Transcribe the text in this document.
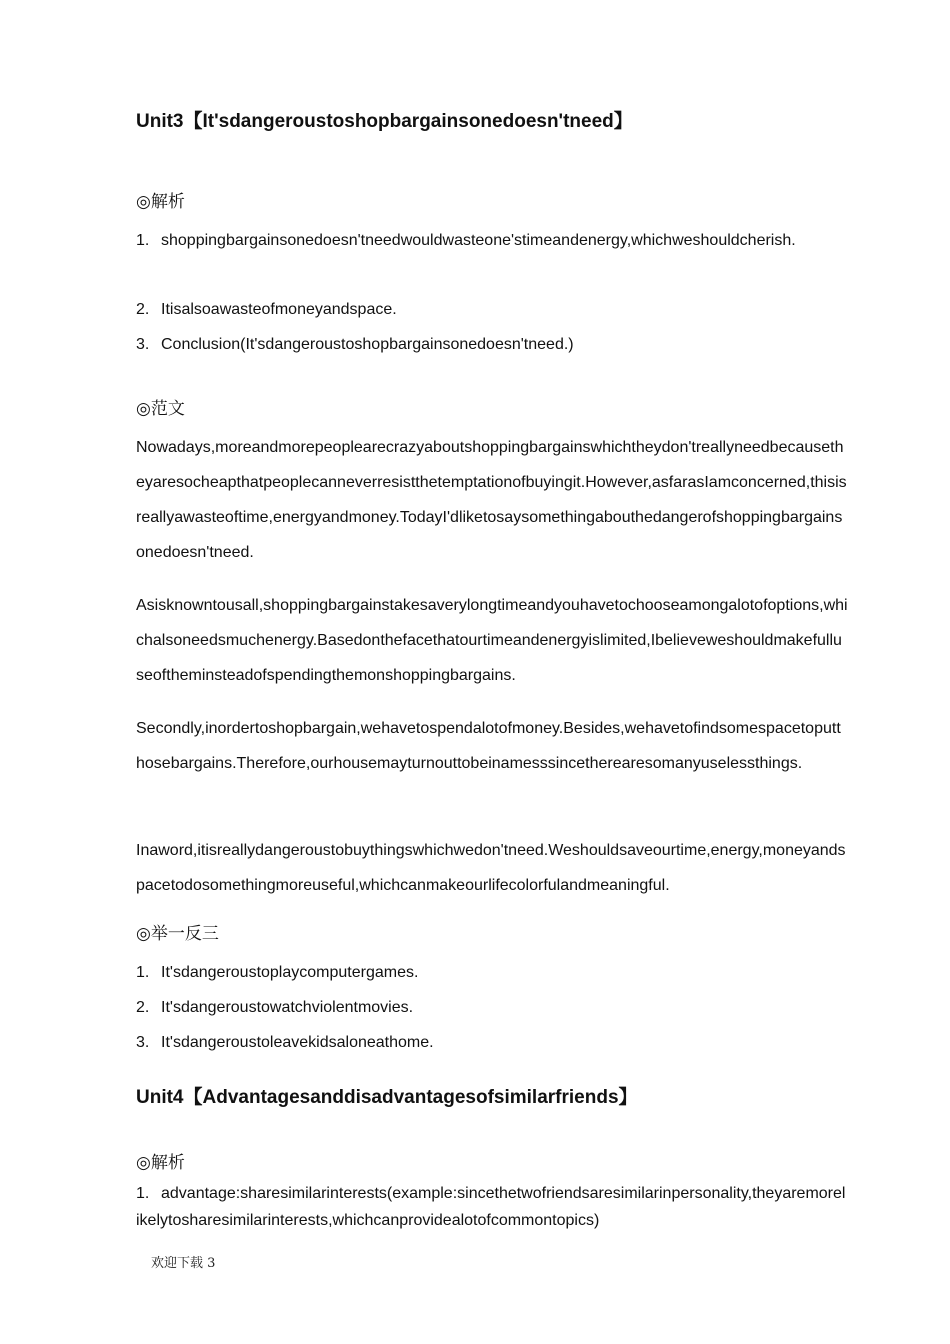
Unit3【It'sdangeroustoshopbargainsonedoesn'tneed】
◎解析
1. shoppingbargainsonedoesn'tneedwouldwasteone'stimeandenergy,whichweshouldcherish.
2. Itisalsoawasteofmoneyandspace.
3. Conclusion(It'sdangeroustoshopbargainsonedoesn'tneed.)
◎范文
Nowadays,moreandmorepeoplearecrazyaboutshoppingbargainswhichtheydon'treallyneedbecausetheyaresocheapthatpeoplecanneverresistthetemptationofbuyingit.However,asfarasIamconcerned,thisisreallyawasteoftime,energyandmoney.TodayI'dliketosaysomethingabouthedangerofshoppingbargainsonedoesn'tneed.
Asisknowntousall,shoppingbargainstakesaverylongtimeandyouhavetochooseamongalotofoptions,whichalsoneedsmuchenergy.Basedonthefacethatourtimeandenergyislimited,Ibelieveweshouldmakefulluseoftheminsteadofspendingthemonshoppingbargains.
Secondly,inordertoshopbargain,wehavetospendalotofmoney.Besides,wehavetofindsomespacetoputthosebargains.Therefore,ourhousemayturnouttobeinamesssincetherearesomanyuselessthings.
Inaword,itisreallydangeroustobuythingswhichwedon'tneed.Weshouldsaveourtime,energy,moneyandspacetodosomethingmoreuseful,whichcanmakeourlifecolorfulandmeaningful.
◎举一反三
1. It'sdangeroustoplaycomputergames.
2. It'sdangeroustowatchviolentmovies.
3. It'sdangeroustoleavekidsaloneathome.
Unit4【Advantagesanddisadvantagesofsimilarfriends】
◎解析
1. advantage:sharesimilarinterests(example:sincethetwofriendsaresimilarinpersonality,theyaremorelikelytosharesimilarinterests,whichcanprovidealotofcommontopics)
欢迎下载 3
